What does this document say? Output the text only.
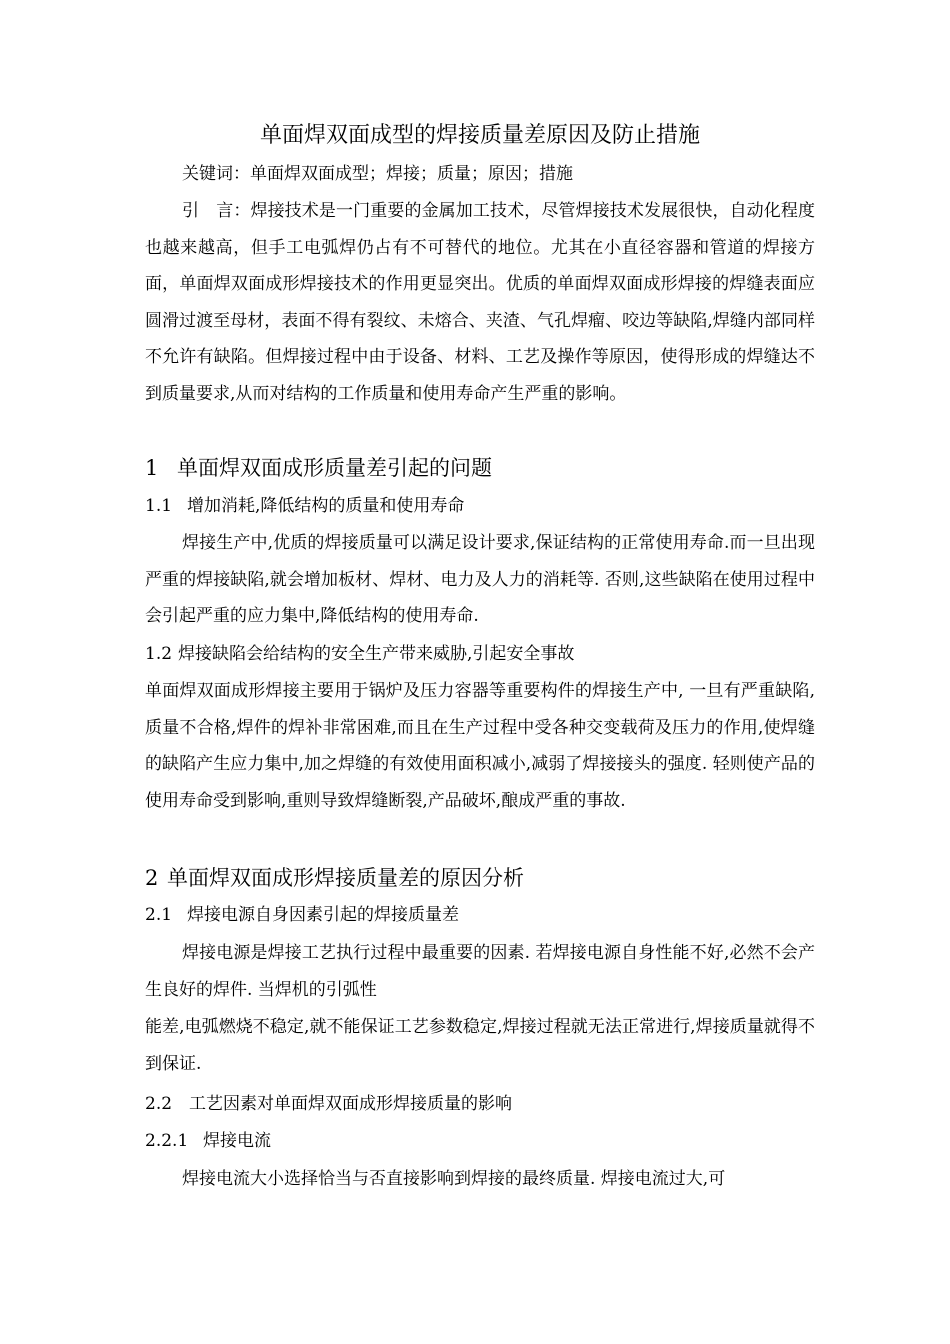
单面焊双面成型的焊接质量差原因及防止措施

关键词：单面焊双面成型；焊接；质量；原因；措施

引　言：焊接技术是一门重要的金属加工技术，尽管焊接技术发展很快，自动化程度也越来越高，但手工电弧焊仍占有不可替代的地位。尤其在小直径容器和管道的焊接方面，单面焊双面成形焊接技术的作用更显突出。优质的单面焊双面成形焊接的焊缝表面应圆滑过渡至母材，表面不得有裂纹、未熔合、夹渣、气孔焊瘤、咬边等缺陷,焊缝内部同样不允许有缺陷。但焊接过程中由于设备、材料、工艺及操作等原因，使得形成的焊缝达不到质量要求,从而对结构的工作质量和使用寿命产生严重的影响。

1 单面焊双面成形质量差引起的问题

1.1 增加消耗,降低结构的质量和使用寿命

焊接生产中,优质的焊接质量可以满足设计要求,保证结构的正常使用寿命.而一旦出现严重的焊接缺陷,就会增加板材、焊材、电力及人力的消耗等. 否则,这些缺陷在使用过程中会引起严重的应力集中,降低结构的使用寿命.

1.2 焊接缺陷会给结构的安全生产带来威胁,引起安全事故

单面焊双面成形焊接主要用于锅炉及压力容器等重要构件的焊接生产中, 一旦有严重缺陷,质量不合格,焊件的焊补非常困难,而且在生产过程中受各种交变载荷及压力的作用,使焊缝的缺陷产生应力集中,加之焊缝的有效使用面积减小,减弱了焊接接头的强度. 轻则使产品的使用寿命受到影响,重则导致焊缝断裂,产品破坏,酿成严重的事故.

2 单面焊双面成形焊接质量差的原因分析

2.1 焊接电源自身因素引起的焊接质量差

焊接电源是焊接工艺执行过程中最重要的因素. 若焊接电源自身性能不好,必然不会产生良好的焊件. 当焊机的引弧性

能差,电弧燃烧不稳定,就不能保证工艺参数稳定,焊接过程就无法正常进行,焊接质量就得不到保证.

2.2 工艺因素对单面焊双面成形焊接质量的影响

2.2.1 焊接电流

焊接电流大小选择恰当与否直接影响到焊接的最终质量. 焊接电流过大,可
